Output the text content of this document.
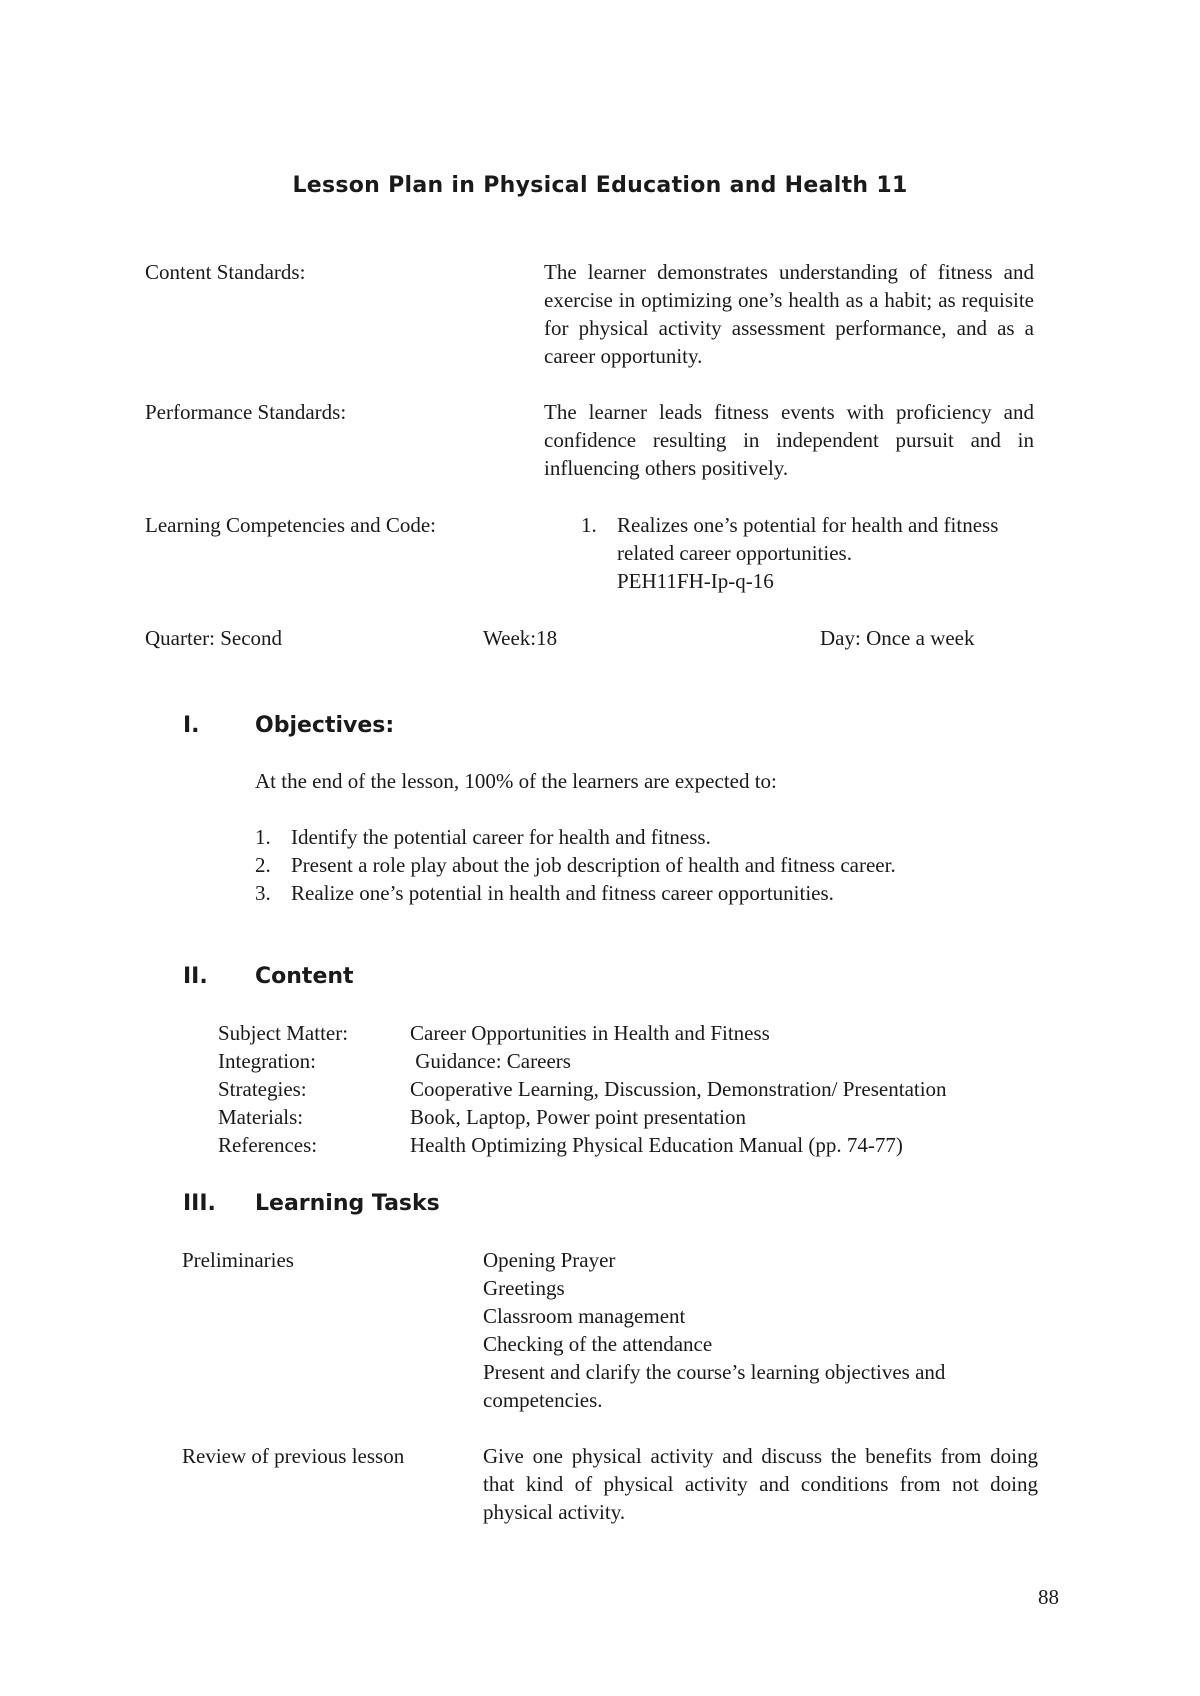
Lesson Plan in Physical Education and Health 11
Content Standards:	The learner demonstrates understanding of fitness and exercise in optimizing one’s health as a habit; as requisite for physical activity assessment performance, and as a career opportunity.
Performance Standards:	The learner leads fitness events with proficiency and confidence resulting in independent pursuit and in influencing others positively.
Learning Competencies and Code:	1. Realizes one’s potential for health and fitness related career opportunities.
PEH11FH-Ip-q-16
Quarter: Second	Week:18	Day: Once a week
I.	Objectives:
At the end of the lesson, 100% of the learners are expected to:
1. Identify the potential career for health and fitness.
2. Present a role play about the job description of health and fitness career.
3. Realize one’s potential in health and fitness career opportunities.
II. Content
Subject Matter:	Career Opportunities in Health and Fitness
Integration:	Guidance: Careers
Strategies:	Cooperative Learning, Discussion, Demonstration/ Presentation
Materials:	Book, Laptop, Power point presentation
References:	Health Optimizing Physical Education Manual (pp. 74-77)
III. Learning Tasks
Preliminaries	Opening Prayer
Greetings
Classroom management
Checking of the attendance
Present and clarify the course’s learning objectives and competencies.
Review of previous lesson	Give one physical activity and discuss the benefits from doing that kind of physical activity and conditions from not doing physical activity.
88
